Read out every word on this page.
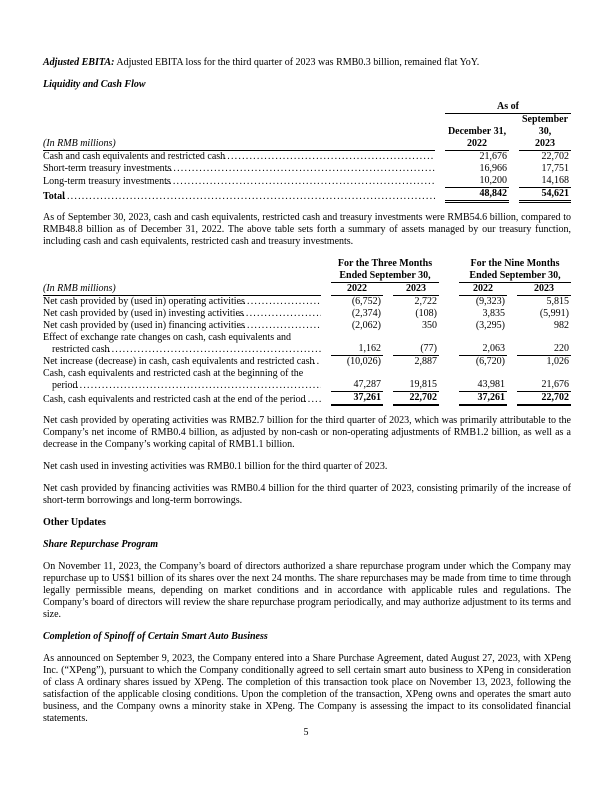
Adjusted EBITA: Adjusted EBITA loss for the third quarter of 2023 was RMB0.3 billion, remained flat YoY.

Liquidity and Cash Flow

	As of	

(In RMB millions)

December 31,
2022

September 30,
2023

Cash and cash equivalents and restricted cash	21,676	22,702

Short-term treasury investments	16,966	17,751

Long-term treasury investments	10,200	14,168

Total	48,842	54,621

As of September 30, 2023, cash and cash equivalents, restricted cash and treasury investments were RMB54.6 billion, compared to RMB48.8 billion as of December 31, 2022. The above table sets forth a summary of assets managed by our treasury function, including cash and cash equivalents, restricted cash and treasury investments.

For the Three Months
Ended September 30,

For the Nine Months
Ended September 30,

(In RMB millions)	2022	2023	2022	2023

Net cash provided by (used in) operating activities	(6,752)	2,722	(9,323)	5,815

Net cash provided by (used in) investing activities	(2,374)	(108)	3,835	(5,991)

Net cash provided by (used in) financing activities	(2,062)	350	(3,295)	982

Effect of exchange rate changes on cash, cash equivalents and restricted cash	1,162	(77)	2,063	220

Net increase (decrease) in cash, cash equivalents and restricted cash	(10,026)	2,887	(6,720)	1,026

Cash, cash equivalents and restricted cash at the beginning of the period	47,287	19,815	43,981	21,676

Cash, cash equivalents and restricted cash at the end of the period	37,261	22,702	37,261	22,702

Net cash provided by operating activities was RMB2.7 billion for the third quarter of 2023, which was primarily attributable to the Company’s net income of RMB0.4 billion, as adjusted by non-cash or non-operating adjustments of RMB1.2 billion, as well as a decrease in the Company’s working capital of RMB1.1 billion.

Net cash used in investing activities was RMB0.1 billion for the third quarter of 2023.

Net cash provided by financing activities was RMB0.4 billion for the third quarter of 2023, consisting primarily of the increase of short-term borrowings and long-term borrowings.

Other Updates
Share Repurchase Program

On November 11, 2023, the Company’s board of directors authorized a share repurchase program under which the Company may repurchase up to US$1 billion of its shares over the next 24 months. The share repurchases may be made from time to time through legally permissible means, depending on market conditions and in accordance with applicable rules and regulations. The Company’s board of directors will review the share repurchase program periodically, and may authorize adjustment to its terms and size.

Completion of Spinoff of Certain Smart Auto Business

As announced on September 9, 2023, the Company entered into a Share Purchase Agreement, dated August 27, 2023, with XPeng Inc. (“XPeng”), pursuant to which the Company conditionally agreed to sell certain smart auto business to XPeng in consideration of class A ordinary shares issued by XPeng. The completion of this transaction took place on November 13, 2023, following the satisfaction of the applicable closing conditions. Upon the completion of the transaction, XPeng owns and operates the smart auto business, and the Company owns a minority stake in XPeng. The Company is assessing the impact to its consolidated financial statements.

5
